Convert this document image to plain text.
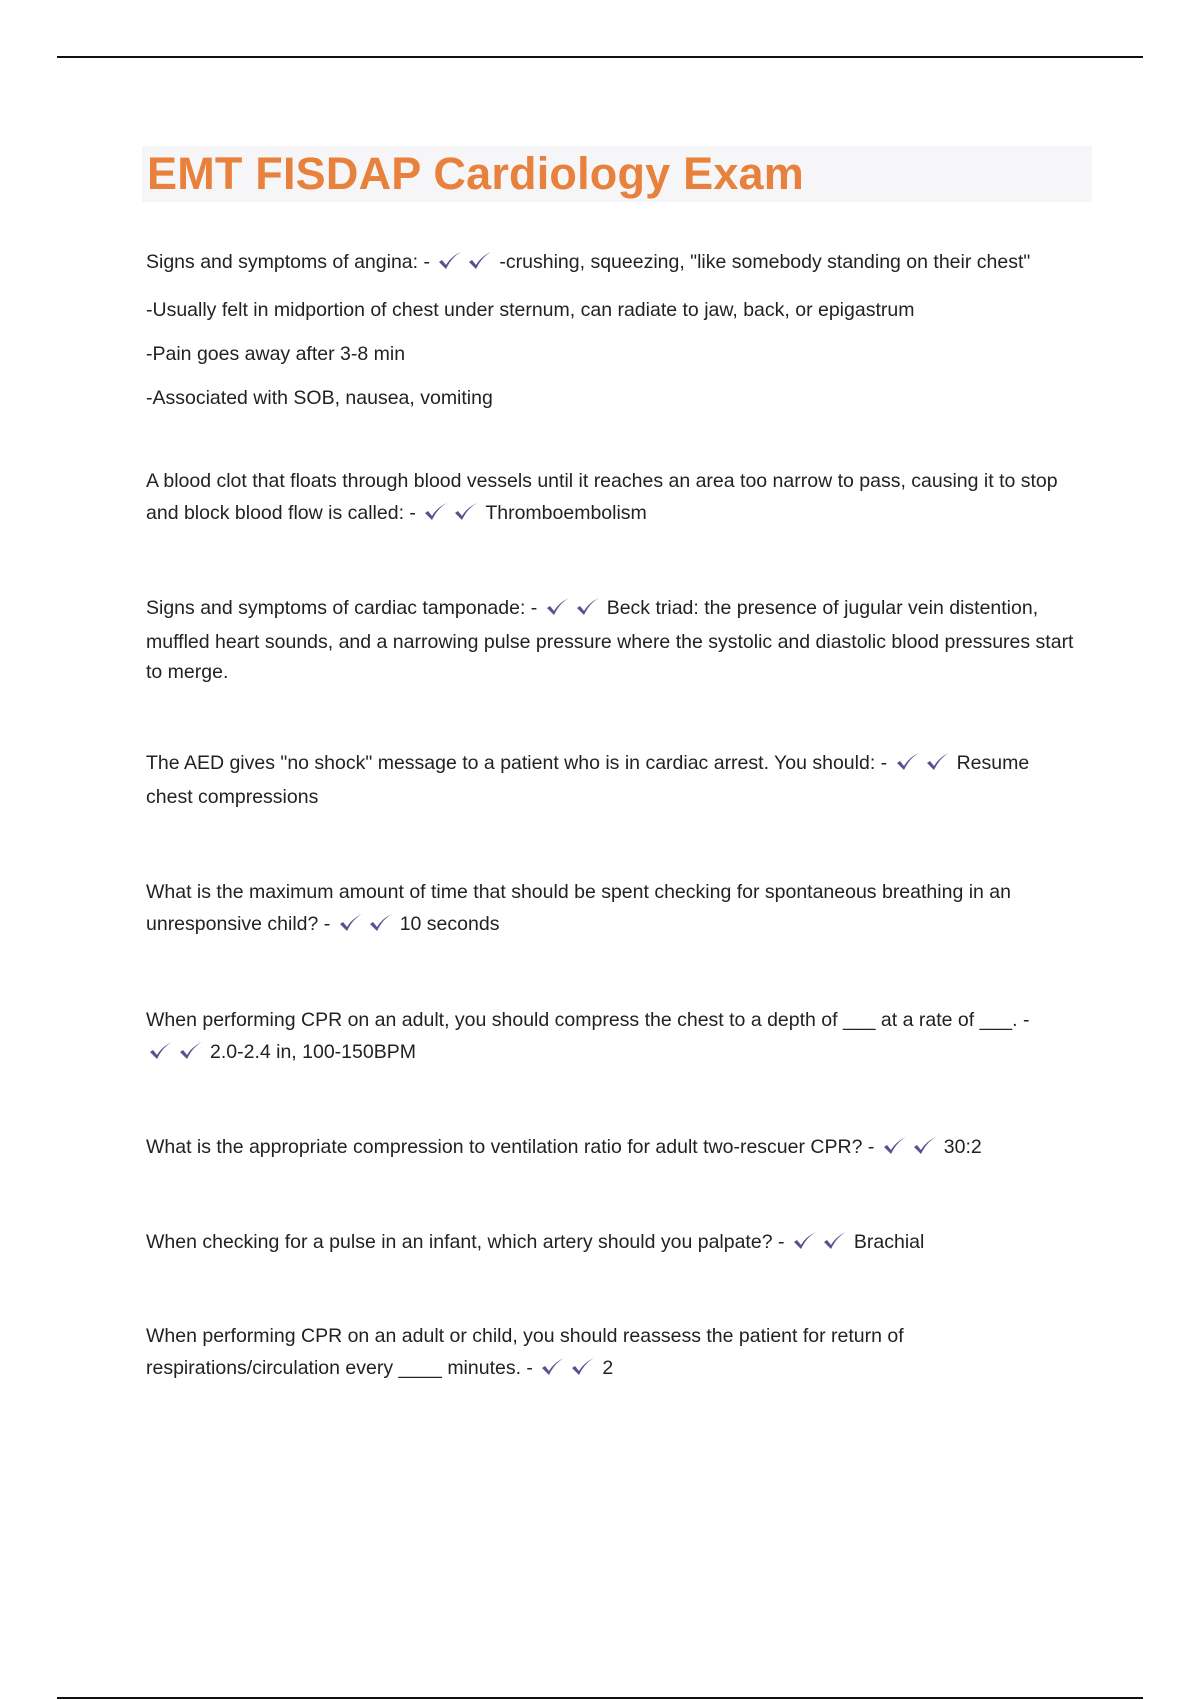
EMT FISDAP Cardiology Exam

Signs and symptoms of angina: -	-crushing, squeezing, "like somebody standing on their chest"

-Usually felt in midportion of chest under sternum, can radiate to jaw, back, or epigastrum

-Pain goes away after 3-8 min

-Associated with SOB, nausea, vomiting

A blood clot that floats through blood vessels until it reaches an area too narrow to pass, causing it to stop and block blood flow is called: -	Thromboembolism

Signs and symptoms of cardiac tamponade: -	Beck triad: the presence of jugular vein distention, muffled heart sounds, and a narrowing pulse pressure where the systolic and diastolic blood pressures start to merge.

The AED gives "no shock" message to a patient who is in cardiac arrest. You should: -	Resume chest compressions

What is the maximum amount of time that should be spent checking for spontaneous breathing in an unresponsive child? -	10 seconds

When performing CPR on an adult, you should compress the chest to a depth of ___ at a rate of ___. -
2.0-2.4 in, 100-150BPM

What is the appropriate compression to ventilation ratio for adult two-rescuer CPR? -	30:2

When checking for a pulse in an infant, which artery should you palpate? -	Brachial

When performing CPR on an adult or child, you should reassess the patient for return of respirations/circulation every ____ minutes. -	2
